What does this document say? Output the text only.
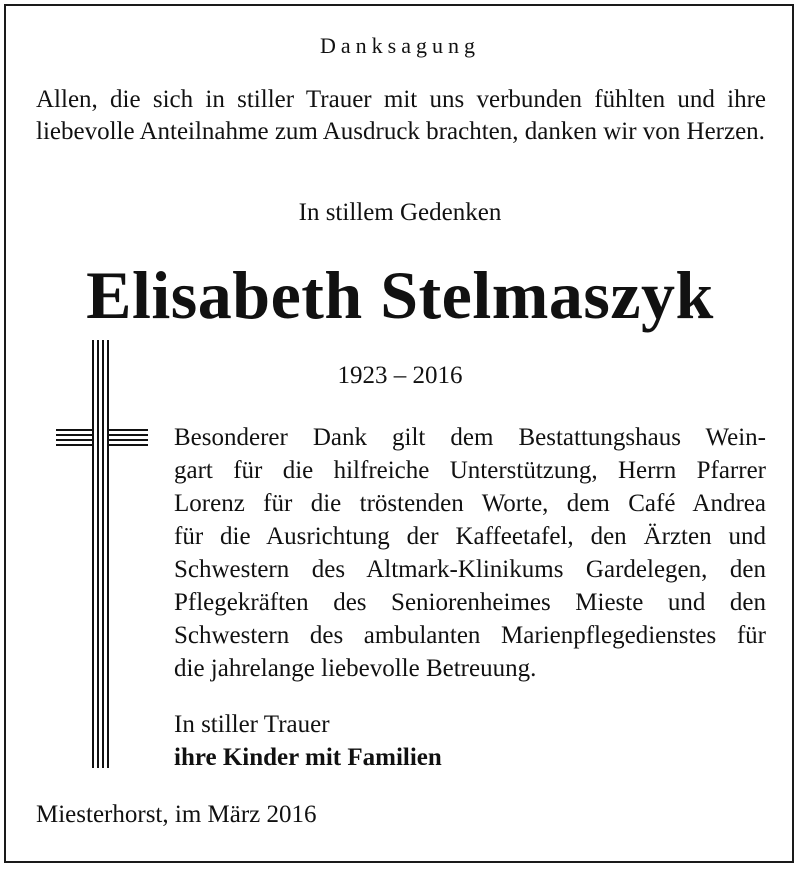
Danksagung
Allen, die sich in stiller Trauer mit uns verbunden fühlten und ihre liebevolle Anteilnahme zum Ausdruck brachten, danken wir von Herzen.
In stillem Gedenken
Elisabeth Stelmaszyk
1923 – 2016
Besonderer Dank gilt dem Bestattungshaus Wein-
gart für die hilfreiche Unterstützung, Herrn Pfarrer
Lorenz für die tröstenden Worte, dem Café Andrea
für die Ausrichtung der Kaffeetafel, den Ärzten und
Schwestern des Altmark-Klinikums Gardelegen, den
Pflegekräften des Seniorenheimes Mieste und den
Schwestern des ambulanten Marienpflegedienstes für
die jahrelange liebevolle Betreuung.
In stiller Trauer
ihre Kinder mit Familien
Miesterhorst, im März 2016
